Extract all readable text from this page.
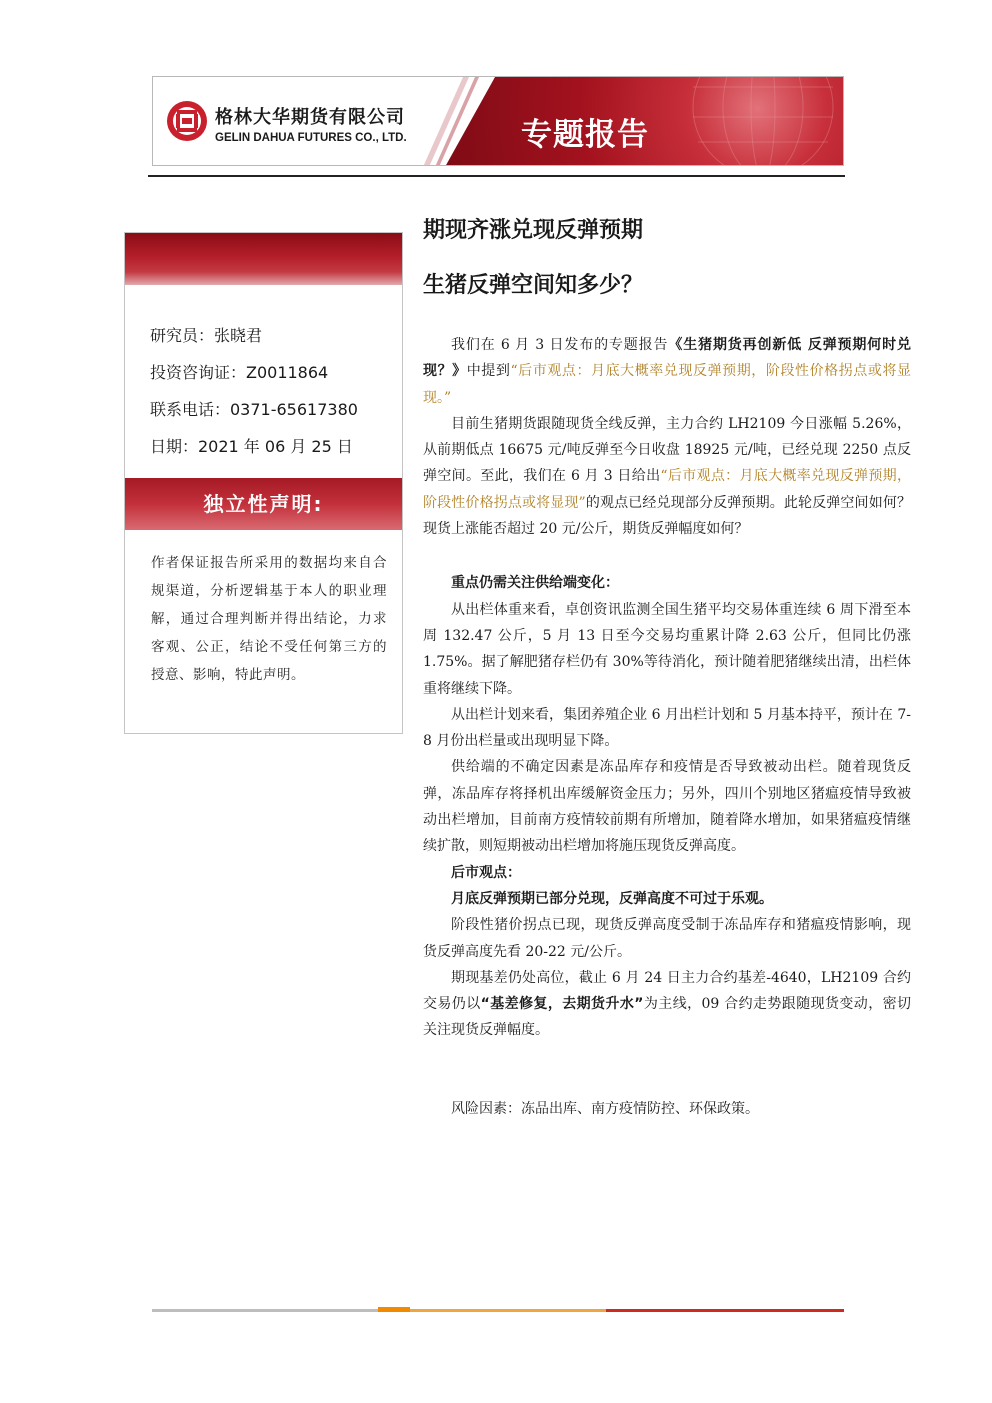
格林大华期货有限公司
GELIN DAHUA FUTURES CO., LTD.	专题报告
研究员：张晓君
投资咨询证：Z0011864
联系电话：0371-65617380
日期：2021 年 06 月 25 日
独立性声明:
作者保证报告所采用的数据均来自合规渠道，分析逻辑基于本人的职业理解，通过合理判断并得出结论，力求客观、公正，结论不受任何第三方的授意、影响，特此声明。
期现齐涨兑现反弹预期
生猪反弹空间知多少？

我们在 6 月 3 日发布的专题报告《生猪期货再创新低 反弹预期何时兑现？》中提到“后市观点：月底大概率兑现反弹预期，阶段性价格拐点或将显现。”

目前生猪期货跟随现货全线反弹，主力合约 LH2109 今日涨幅 5.26%，从前期低点 16675 元/吨反弹至今日收盘 18925 元/吨，已经兑现 2250 点反弹空间。至此，我们在 6 月 3 日给出“后市观点：月底大概率兑现反弹预期， 阶段性价格拐点或将显现”的观点已经兑现部分反弹预期。此轮反弹空间如何？现货上涨能否超过 20 元/公斤，期货反弹幅度如何？

重点仍需关注供给端变化：

从出栏体重来看，卓创资讯监测全国生猪平均交易体重连续 6 周下滑至本周 132.47 公斤，5 月 13 日至今交易均重累计降 2.63 公斤，但同比仍涨 1.75%。据了解肥猪存栏仍有 30%等待消化，预计随着肥猪继续出清，出栏体重将继续下降。

从出栏计划来看，集团养殖企业 6 月出栏计划和 5 月基本持平，预计在 7-8 月份出栏量或出现明显下降。

供给端的不确定因素是冻品库存和疫情是否导致被动出栏。随着现货反弹，冻品库存将择机出库缓解资金压力；另外，四川个别地区猪瘟疫情导致被动出栏增加，目前南方疫情较前期有所增加，随着降水增加，如果猪瘟疫情继续扩散，则短期被动出栏增加将施压现货反弹高度。

后市观点：

月底反弹预期已部分兑现，反弹高度不可过于乐观。

阶段性猪价拐点已现，现货反弹高度受制于冻品库存和猪瘟疫情影响，现货反弹高度先看 20-22 元/公斤。

期现基差仍处高位，截止 6 月 24 日主力合约基差-4640，LH2109 合约交易仍以“基差修复，去期货升水”为主线，09 合约走势跟随现货变动，密切关注现货反弹幅度。

风险因素：冻品出库、南方疫情防控、环保政策。
